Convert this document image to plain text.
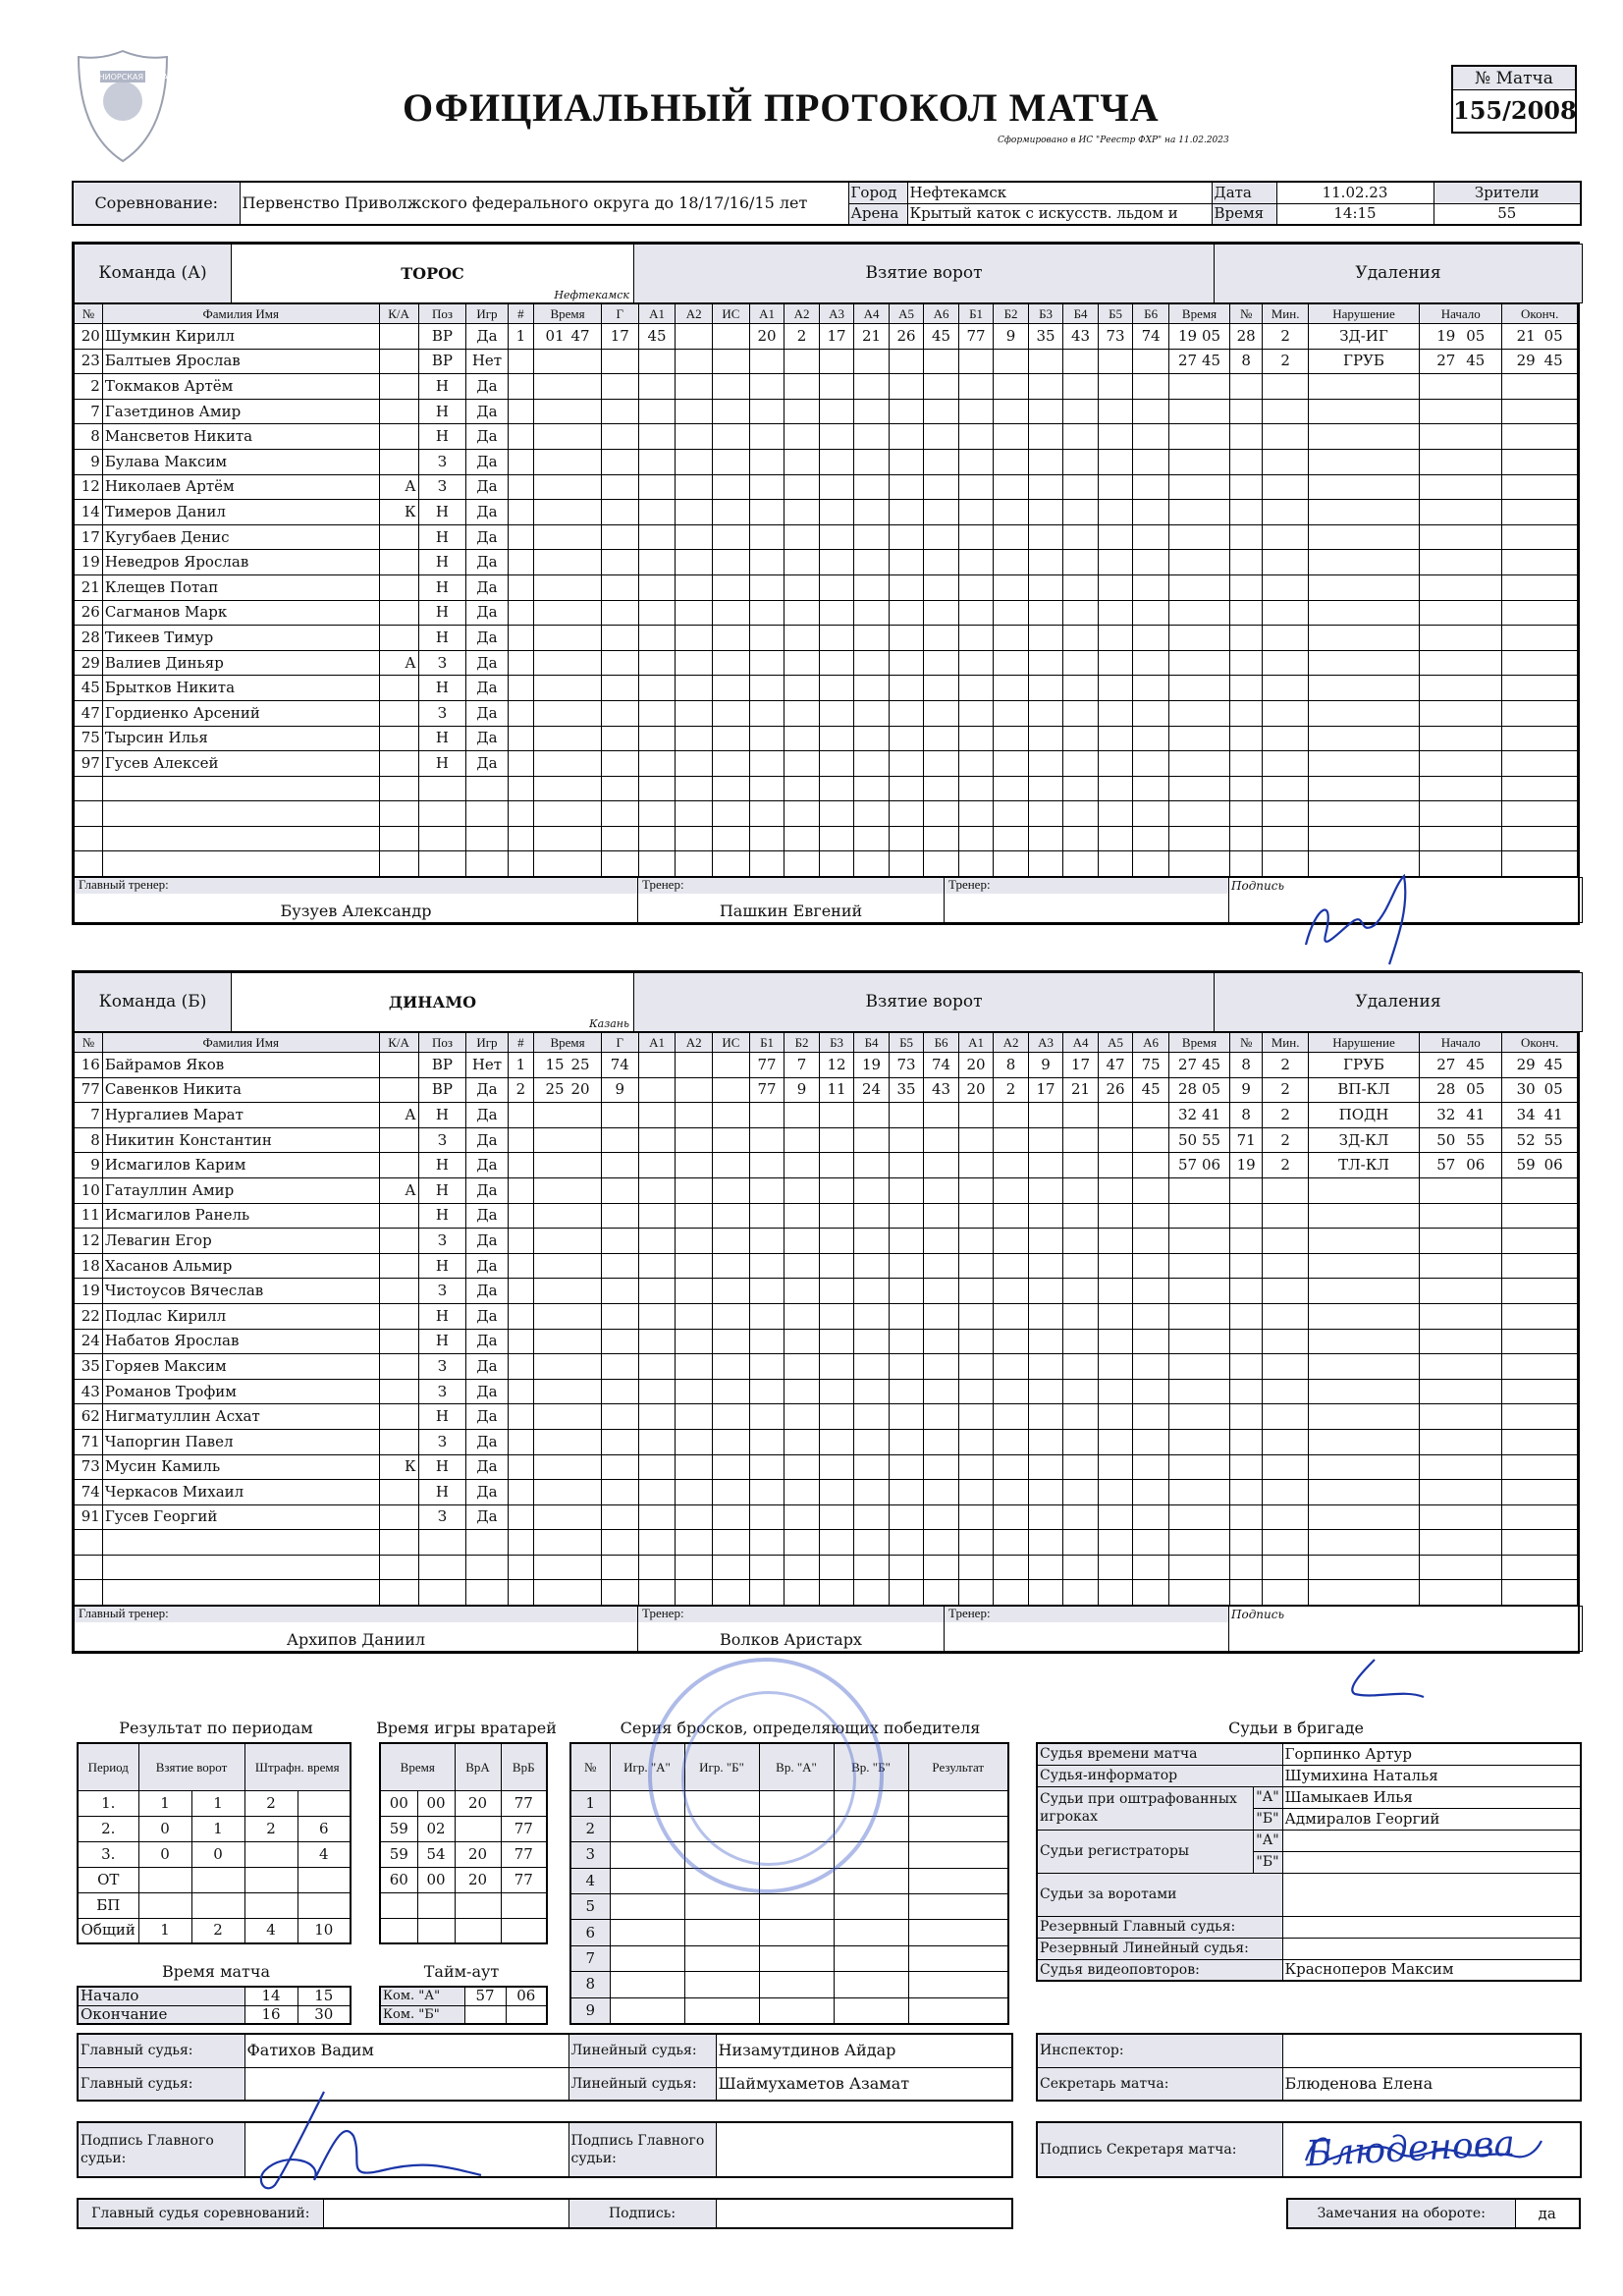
ЮНИОРСКАЯ ЛИГА
ОФИЦИАЛЬНЫЙ ПРОТОКОЛ МАТЧА
Сформировано в ИС "Реестр ФХР" на 11.02.2023
№ Матча
155/2008
Соревнование:	Первенство Приволжского федерального округа до 18/17/16/15 лет	Город	Нефтекамск	Дата	11.02.23	Зрители
		Арена	Крытый каток с искусств. льдом и	Время	14:15	55
Команда (А)	ТОРОС
Нефтекамск
	Взятие ворот	Удаления
№	Фамилия Имя	К/А	Поз	Игр	#	Время	Г	А1	А2	ИС	А1	А2	А3	А4	А5	А6	Б1	Б2	Б3	Б4	Б5	Б6	Время	№	Мин.	Нарушение	Начало	Оконч.
20	Шумкин Кирилл		ВР	Да	1	01 47	17	45			20	2	17	21	26	45	77	9	35	43	73	74	19 05	28	2	ЗД-ИГ	19 05	21 05
23	Балтыев Ярослав		ВР	Нет																			27 45	8	2	ГРУБ	27 45	29 45
2	Токмаков Артём		Н	Да																								
7	Газетдинов Амир		Н	Да																								
8	Мансветов Никита		Н	Да																								
9	Булава Максим		З	Да																								
12	Николаев Артём	А	З	Да																								
14	Тимеров Данил	К	Н	Да																								
17	Кугубаев Денис		Н	Да																								
19	Неведров Ярослав		Н	Да																								
21	Клещев Потап		Н	Да																								
26	Сагманов Марк		Н	Да																								
28	Тикеев Тимур		Н	Да																								
29	Валиев Диньяр	А	З	Да																								
45	Брытков Никита		Н	Да																								
47	Гордиенко Арсений		З	Да																								
75	Тырсин Илья		Н	Да																								
97	Гусев Алексей		Н	Да																								

Главный тренер:
Бузуев Александр

Тренер:
Пашкин Евгений

Тренер:	Подпись
Команда (Б)	ДИНАМО
Казань
	Взятие ворот	Удаления
№	Фамилия Имя	К/А	Поз	Игр	#	Время	Г	А1	А2	ИС	Б1	Б2	Б3	Б4	Б5	Б6	А1	А2	А3	А4	А5	А6	Время	№	Мин.	Нарушение	Начало	Оконч.
16	Байрамов Яков		ВР	Нет	1	15 25	74				77	7	12	19	73	74	20	8	9	17	47	75	27 45	8	2	ГРУБ	27 45	29 45
77	Савенков Никита		ВР	Да	2	25 20	9				77	9	11	24	35	43	20	2	17	21	26	45	28 05	9	2	ВП-КЛ	28 05	30 05
7	Нургалиев Марат	А	Н	Да																			32 41	8	2	ПОДН	32 41	34 41
8	Никитин Константин		З	Да																			50 55	71	2	ЗД-КЛ	50 55	52 55
9	Исмагилов Карим		Н	Да																			57 06	19	2	ТЛ-КЛ	57 06	59 06
10	Гатауллин Амир	А	Н	Да																								
11	Исмагилов Ранель		Н	Да																								
12	Левагин Егор		З	Да																								
18	Хасанов Альмир		Н	Да																								
19	Чистоусов Вячеслав		З	Да																								
22	Подлас Кирилл		Н	Да																								
24	Набатов Ярослав		Н	Да																								
35	Горяев Максим		З	Да																								
43	Романов Трофим		З	Да																								
62	Нигматуллин Асхат		Н	Да																								
71	Чапоргин Павел		З	Да																								
73	Мусин Камиль	К	Н	Да																								
74	Черкасов Михаил		Н	Да																								
91	Гусев Георгий		З	Да																								

Главный тренер:
Архипов Даниил

Тренер:
Волков Аристарх

Тренер:	Подпись
Результат по периодам	Время игры вратарей	Серия бросков, определяющих победителя	Судьи в бригаде
Период	Взятие ворот		Штрафн. время	
1.	1	1	2	
2.	0	1	2	6
3.	0	0		4
ОТ				
БП				
Общий	1	2	4	10
Время		ВрА	ВрБ
00	00	20	77
59	02		77
59	54	20	77
60	00	20	77

№	Игр. "А"	Игр. "Б"	Вр. "А"	Вр. "Б"	Результат
1					
2					
3					
4					
5					
6					
7					
8					
9					
Время матча
Начало	14	15
Окончание	16	30
Тайм-аут
Ком. "А"	57	06
Ком. "Б"		
Судья времени матча		Горпинко Артур
Судья-информатор		Шумихина Наталья
Судьи при оштрафованных игроках	"А"	Шамыкаев Илья
	"Б"	Адмиралов Георгий
Судьи регистраторы	"А"	
	"Б"	
Судьи за воротами		
Резервный Главный судья:		
Резервный Линейный судья:		
Судья видеоповторов:		Красноперов Максим
Главный судья:	Фатихов Вадим	Линейный судья:	Низамутдинов Айдар
Главный судья:		Линейный судья:	Шаймухаметов Азамат
Инспектор:	
Секретарь матча:	Блюденова Елена
Подпись Главного судьи:		Подпись Главного судьи:	
Подпись Секретаря матча:	
Главный судья соревнований:		Подпись:		Замечания на обороте:	да
Блюденова
